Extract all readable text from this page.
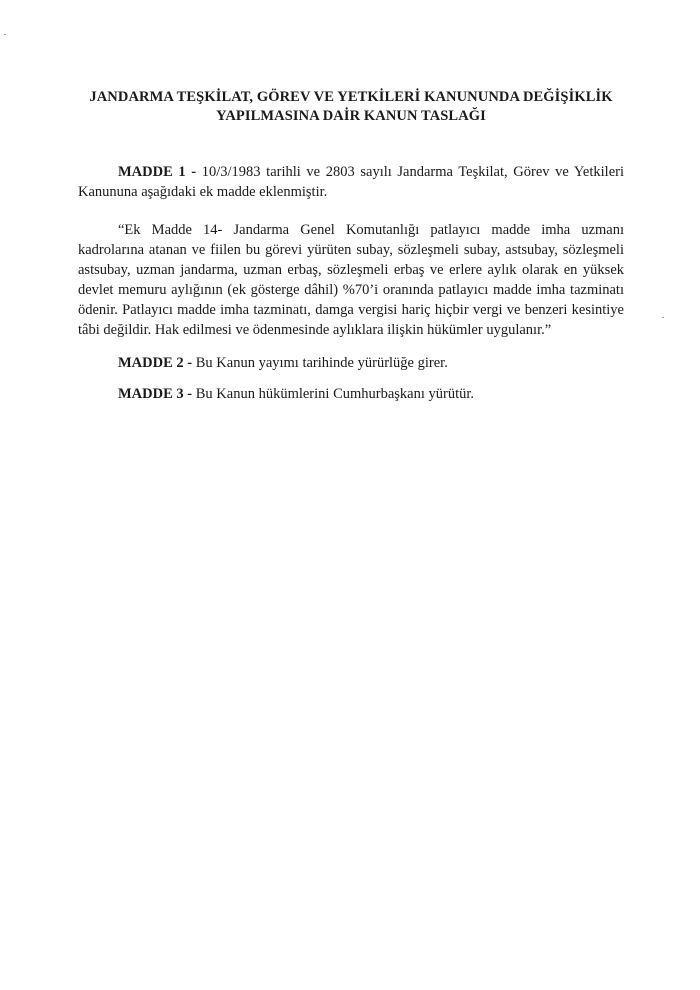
JANDARMA TEŞKİLAT, GÖREV VE YETKİLERİ KANUNUNDA DEĞİŞİKLİK
YAPILMASINA DAİR KANUN TASLAĞI

MADDE 1 - 10/3/1983 tarihli ve 2803 sayılı Jandarma Teşkilat, Görev ve Yetkileri Kanununa aşağıdaki ek madde eklenmiştir.

“Ek Madde 14- Jandarma Genel Komutanlığı patlayıcı madde imha uzmanı kadrolarına atanan ve fiilen bu görevi yürüten subay, sözleşmeli subay, astsubay, sözleşmeli astsubay, uzman jandarma, uzman erbaş, sözleşmeli erbaş ve erlere aylık olarak en yüksek devlet memuru aylığının (ek gösterge dâhil) %70’i oranında patlayıcı madde imha tazminatı ödenir. Patlayıcı madde imha tazminatı, damga vergisi hariç hiçbir vergi ve benzeri kesintiye tâbi değildir. Hak edilmesi ve ödenmesinde aylıklara ilişkin hükümler uygulanır.”

MADDE 2 - Bu Kanun yayımı tarihinde yürürlüğe girer.

MADDE 3 - Bu Kanun hükümlerini Cumhurbaşkanı yürütür.
